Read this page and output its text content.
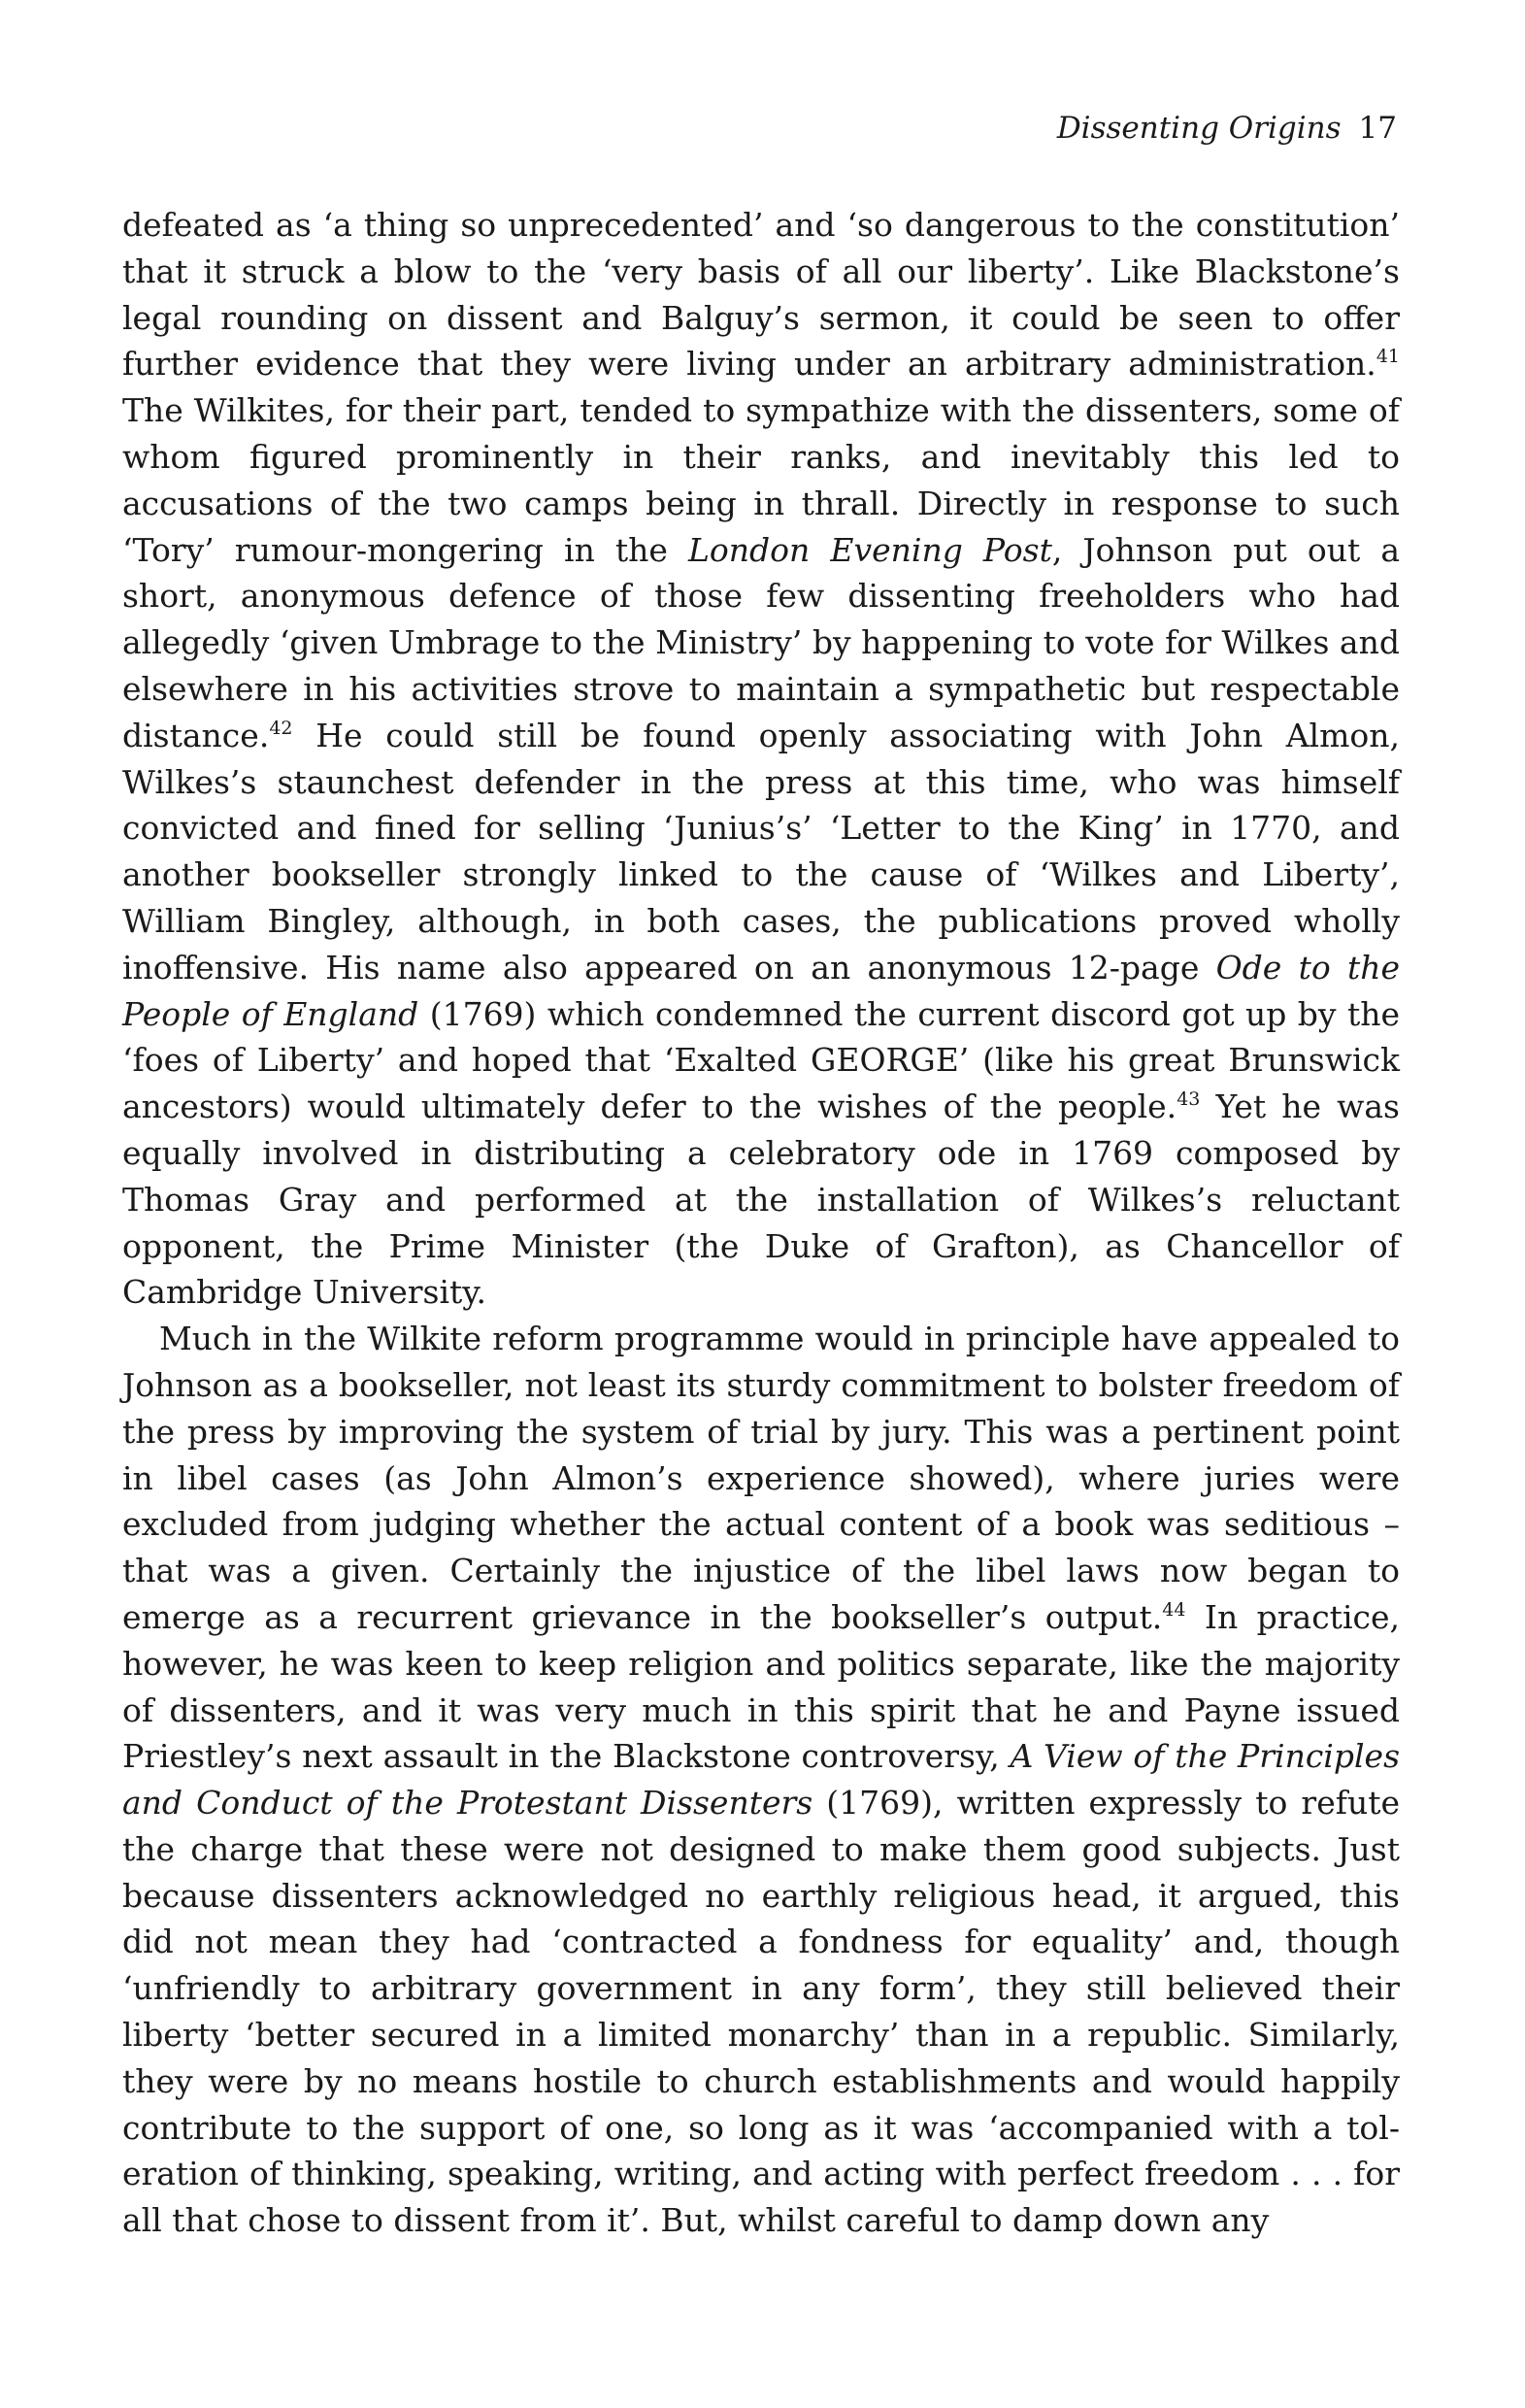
Dissenting Origins 17

defeated as ‘a thing so unprecedented’ and ‘so dangerous to the constitution’ that it struck a blow to the ‘very basis of all our liberty’. Like Blackstone’s legal rounding on dissent and Balguy’s sermon, it could be seen to offer further evidence that they were living under an arbitrary administration.$^{41}$ The Wilkites, for their part, tended to sympathize with the dissenters, some of whom figured prominently in their ranks, and inevitably this led to accusations of the two camps being in thrall. Directly in response to such ‘Tory’ rumour-mongering in the London Evening Post, Johnson put out a short, anonymous defence of those few dissenting freeholders who had allegedly ‘given Umbrage to the Ministry’ by happening to vote for Wilkes and elsewhere in his activities strove to maintain a sympathetic but respectable distance.$^{42}$ He could still be found openly associating with John Almon, Wilkes’s staunchest defender in the press at this time, who was himself convicted and fined for selling ‘Junius’s’ ‘Letter to the King’ in 1770, and another bookseller strongly linked to the cause of ‘Wilkes and Liberty’, William Bingley, although, in both cases, the publications proved wholly inoffensive. His name also appeared on an anonymous 12-page Ode to the People of England (1769) which condemned the current discord got up by the ‘foes of Liberty’ and hoped that ‘Exalted GEORGE’ (like his great Brunswick ancestors) would ultimately defer to the wishes of the people.$^{43}$ Yet he was equally involved in distributing a celebratory ode in 1769 composed by Thomas Gray and performed at the installation of Wilkes’s reluctant opponent, the Prime Minister (the Duke of Grafton), as Chancellor of Cambridge University.

Much in the Wilkite reform programme would in principle have appealed to Johnson as a bookseller, not least its sturdy commitment to bolster freedom of the press by improving the system of trial by jury. This was a pertinent point in libel cases (as John Almon’s experience showed), where juries were excluded from judging whether the actual content of a book was seditious – that was a given. Certainly the injustice of the libel laws now began to emerge as a recurrent grievance in the bookseller’s output.$^{44}$ In practice, however, he was keen to keep religion and politics separate, like the majority of dissenters, and it was very much in this spirit that he and Payne issued Priestley’s next assault in the Blackstone controversy, A View of the Principles and Conduct of the Protestant Dissenters (1769), written expressly to refute the charge that these were not designed to make them good subjects. Just because dissenters acknowledged no earthly religious head, it argued, this did not mean they had ‘contracted a fondness for equality’ and, though ‘unfriendly to arbitrary government in any form’, they still believed their liberty ‘better secured in a limited monarchy’ than in a republic. Similarly, they were by no means hostile to church establishments and would happily contribute to the support of one, so long as it was ‘accompanied with a toleration of thinking, speaking, writing, and acting with perfect freedom . . . for all that chose to dissent from it’. But, whilst careful to damp down any
